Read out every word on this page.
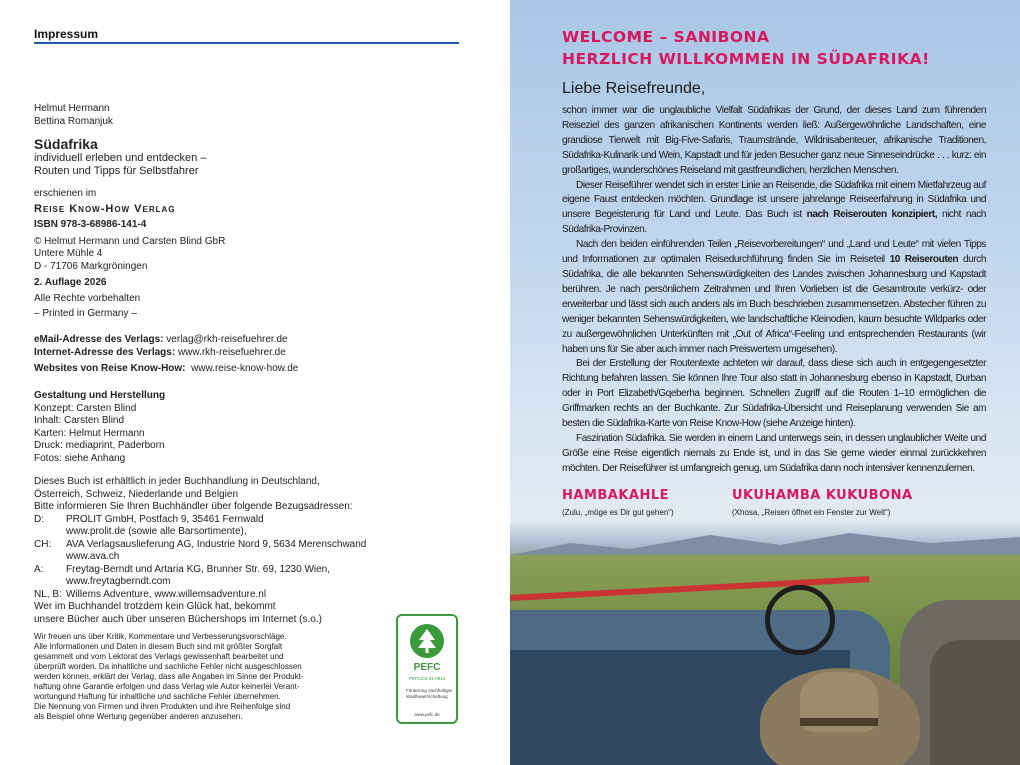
Impressum
Helmut Hermann
Bettina Romanjuk
Südafrika
individuell erleben und entdecken –
Routen und Tipps für Selbstfahrer
erschienen im
Reise Know-How Verlag
ISBN 978-3-68986-141-4
© Helmut Hermann und Carsten Blind GbR
Untere Mühle 4
D - 71706 Markgröningen
2. Auflage 2026
Alle Rechte vorbehalten
– Printed in Germany –
eMail-Adresse des Verlags: verlag@rkh-reisefuehrer.de
Internet-Adresse des Verlags: www.rkh-reisefuehrer.de
Websites von Reise Know-How: www.reise-know-how.de
Gestaltung und Herstellung
Konzept: Carsten Blind
Inhalt: Carsten Blind
Karten: Helmut Hermann
Druck: mediaprint, Paderborn
Fotos: siehe Anhang
Dieses Buch ist erhältlich in jeder Buchhandlung in Deutschland,
Österreich, Schweiz, Niederlande und Belgien
Bitte informieren Sie Ihren Buchhändler über folgende Bezugsadressen:
D:	PROLIT GmbH, Postfach 9, 35461 Fernwald
www.prolit.de (sowie alle Barsortimente),
CH:	AVA Verlagsauslieferung AG, Industrie Nord 9, 5634 Merenschwand
www.ava.ch
A:	Freytag-Berndt und Artaria KG, Brunner Str. 69, 1230 Wien,
www.freytagberndt.com
NL, B: Willems Adventure, www.willemsadventure.nl
Wer im Buchhandel trotzdem kein Glück hat, bekommt
unsere Bücher auch über unseren Büchershops im Internet (s.o.)
Wir freuen uns über Kritik, Kommentare und Verbesserungsvorschläge.
Alle Informationen und Daten in diesem Buch sind mit größter Sorgfalt
gesammelt und vom Lektorat des Verlags gewissenhaft bearbeitet und
überprüft worden. Da inhaltliche und sachliche Fehler nicht ausgeschlossen
werden können, erklärt der Verlag, dass alle Angaben im Sinne der Produkt-
haftung ohne Garantie erfolgen und dass Verlag wie Autor keinerlei Verant-
wortungund Haftung für inhaltliche und sachliche Fehler übernehmen.
Die Nennung von Firmen und ihren Produkten und ihre Reihenfolge sind
als Beispiel ohne Wertung gegenüber anderen anzusehen.
PEFC
PEFC/04-31-0810
Förderung nachhaltiger Waldbewirtschaftung
www.pefc.de
WELCOME – SANIBONA
HERZLICH WILLKOMMEN IN SÜDAFRIKA!
Liebe Reisefreunde,

schon immer war die unglaubliche Vielfalt Südafrikas der Grund, der dieses Land zum führenden Reiseziel des ganzen afrikanischen Kontinents werden ließ: Außergewöhnliche Landschaften, eine grandiose Tierwelt mit Big-Five-Safaris, Traumstrände, Wildnisabenteuer, afrikanische Traditionen, Südafrika-Kulinarik und Wein, Kapstadt und für jeden Besucher ganz neue Sinneseindrücke . . . kurz: ein großartiges, wunderschönes Reiseland mit gastfreundlichen, herzlichen Menschen.

Dieser Reiseführer wendet sich in erster Linie an Reisende, die Südafrika mit einem Mietfahrzeug auf eigene Faust entdecken möchten. Grundlage ist unsere jahrelange Reiseerfahrung in Südafrika und unsere Begeisterung für Land und Leute. Das Buch ist nach Reiserouten konzipiert, nicht nach Südafrika-Provinzen.

Nach den beiden einführenden Teilen „Reisevorbereitungen“ und „Land und Leute“ mit vielen Tipps und Informationen zur optimalen Reisedurchführung finden Sie im Reiseteil 10 Reiserouten durch Südafrika, die alle bekannten Sehenswürdigkeiten des Landes zwischen Johannesburg und Kapstadt berühren. Je nach persönlichem Zeitrahmen und Ihren Vorlieben ist die Gesamtroute verkürz- oder erweiterbar und lässt sich auch anders als im Buch beschrieben zusammensetzen. Abstecher führen zu weniger bekannten Sehenswürdigkeiten, wie landschaftliche Kleinodien, kaum besuchte Wildparks oder zu außergewöhnlichen Unterkünften mit „Out of Africa“-Feeling und entsprechenden Restaurants (wir haben uns für Sie aber auch immer nach Preiswertem umgesehen).

Bei der Erstellung der Routentexte achteten wir darauf, dass diese sich auch in entgegengesetzter Richtung befahren lassen. Sie können Ihre Tour also statt in Johannesburg ebenso in Kapstadt, Durban oder in Port Elizabeth/Gqeberha beginnen. Schnellen Zugriff auf die Routen 1–10 ermöglichen die Griffmarken rechts an der Buchkante. Zur Südafrika-Übersicht und Reiseplanung verwenden Sie am besten die Südafrika-Karte von Reise Know-How (siehe Anzeige hinten).

Faszination Südafrika. Sie werden in einem Land unterwegs sein, in dessen unglaublicher Weite und Größe eine Reise eigentlich niemals zu Ende ist, und in das Sie gerne wieder einmal zurückkehren möchten. Der Reiseführer ist umfangreich genug, um Südafrika dann noch intensiver kennenzulernen.

HAMBAKAHLE
(Zulu, „möge es Dir gut gehen“)
UKUHAMBA KUKUBONA
(Xhosa, „Reisen öffnet ein Fenster zur Welt“)
